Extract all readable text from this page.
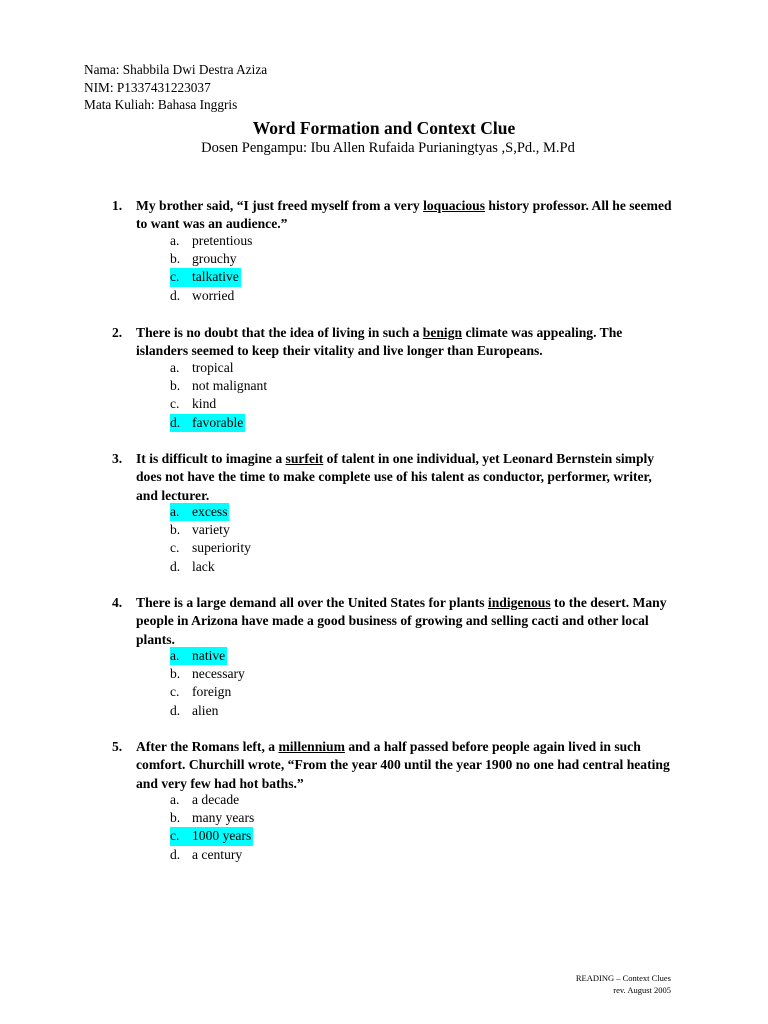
Nama: Shabbila Dwi Destra Aziza
NIM: P1337431223037
Mata Kuliah: Bahasa Inggris
Word Formation and Context Clue
Dosen Pengampu: Ibu Allen Rufaida Purianingtyas ,S,Pd., M.Pd
1. My brother said, “I just freed myself from a very loquacious history professor. All he seemed to want was an audience.”
a. pretentious
b. grouchy
c. talkative
d. worried
2. There is no doubt that the idea of living in such a benign climate was appealing. The islanders seemed to keep their vitality and live longer than Europeans.
a. tropical
b. not malignant
c. kind
d. favorable
3. It is difficult to imagine a surfeit of talent in one individual, yet Leonard Bernstein simply does not have the time to make complete use of his talent as conductor, performer, writer, and lecturer.
a. excess
b. variety
c. superiority
d. lack
4. There is a large demand all over the United States for plants indigenous to the desert. Many people in Arizona have made a good business of growing and selling cacti and other local plants.
a. native
b. necessary
c. foreign
d. alien
5. After the Romans left, a millennium and a half passed before people again lived in such comfort. Churchill wrote, “From the year 400 until the year 1900 no one had central heating and very few had hot baths.”
a. a decade
b. many years
c. 1000 years
d. a century
READING – Context Clues
rev. August 2005
